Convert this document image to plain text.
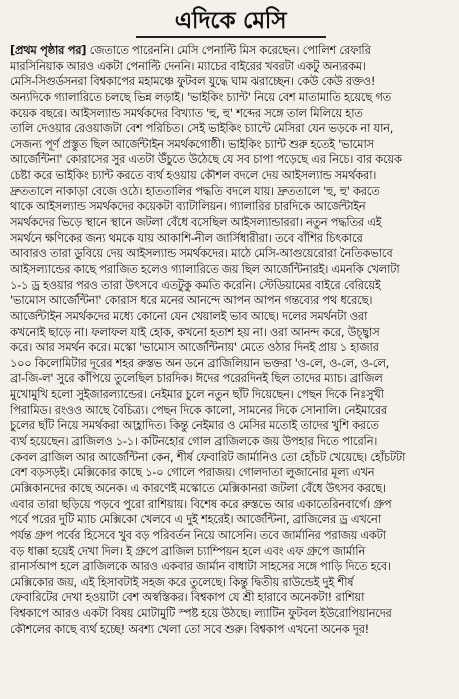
এদিকে মেসি
[প্রথম পৃষ্ঠার পর] জেতাতে পারেননি। মেসি পেনাল্টি মিস করেছেন। পোলিশ রেফারি
মারসিনিয়াক আরও একটা পেনাল্টি দেননি। ম্যাচের বাইরের খবরটা একটু অন্যরকম।
মেসি-সিগুর্ডসনরা বিশ্বকাপের মহামঞ্চে ফুটবল যুদ্ধে ঘাম ঝরাচ্ছেন। কেউ কেউ রক্তও!
অন্যদিকে গ্যালারিতে চলছে ভিন্ন লড়াই। 'ভাইকিং চ্যান্ট' নিয়ে বেশ মাতামাতি হয়েছে গত
কয়েক বছরে। আইসল্যান্ড সমর্থকদের বিখ্যাত 'হু, হু' শব্দের সঙ্গে তাল মিলিয়ে হাত
তালি দেওয়ার রেওয়াজটা বেশ পরিচিত। সেই ভাইকিং চ্যান্টে মেসিরা যেন ভড়কে না যান,
সেজন্য পূর্ণ প্রস্তুত ছিল আর্জেন্টাইন সমর্থকগোষ্ঠী। ভাইকিং চ্যান্ট শুরু হতেই 'ভামোস
আর্জেন্টিনা' কোরাসের সুর এতটা উঁচুতে উঠেছে যে সব চাপা পড়েছে এর নিচে। বার কয়েক
চেষ্টা করে ভাইকিং চ্যান্ট করতে ব্যর্থ হওয়ায় কৌশল বদলে দেয় আইসল্যান্ড সমর্থকরা।
দ্রুততালে নাকাড়া বেজে ওঠে। হাততালির পদ্ধতি বদলে যায়। দ্রুততালে 'হু, হু' করতে
থাকে আইসল্যান্ড সমর্থকদের কয়েকটা ব্যাটালিয়ন। গ্যালারির চারদিকে আর্জেন্টাইন
সমর্থকদের ভিড়ে স্থানে স্থানে জটলা বেঁধে বসেছিল আইসল্যান্ডাররা। নতুন পদ্ধতির এই
সমর্থনে ক্ষণিকের জন্য থমকে যায় আকাশি-নীল জার্সিধারীরা। তবে বাঁশির চিৎকারে
আবারও তারা ডুবিয়ে দেয় আইসল্যান্ড সমর্থকদের। মাঠে মেসি-আগুয়েরোরা নৈতিকভাবে
আইসল্যান্ডের কাছে পরাজিত হলেও গ্যালারিতে জয় ছিল আর্জেন্টিনারই। এমনকি খেলাটা
১-১ ড্র হওয়ার পরও তারা উৎসবে এতটুকু কমতি করেনি। স্টেডিয়ামের বাইরে বেরিয়েই
'ভামোস আর্জেন্টিনা' কোরাস ধরে মনের আনন্দে আপন আপন গন্তব্যের পথ ধরেছে।
আর্জেন্টাইন সমর্থকদের মধ্যে কোনো যেন খেয়ালই ভাব আছে। দলের সমর্থনটা ওরা
কখনোই ছাড়ে না। ফলাফল যাই হোক, কখনো হতাশ হয় না। ওরা আনন্দ করে, উচ্ছ্বাস
করে। আর সমর্থন করে। মস্কো 'ভামোস আর্জেন্টিনায়' মেতে ওঠার দিনই প্রায় ১ হাজার
১০০ কিলোমিটার দূরের শহর রুস্তভ অন ডনে ব্রাজিলিয়ান ভক্তরা 'ও-লে, ও-লে, ও-লে,
ব্রা-জি-ল' সুরে কাঁপিয়ে তুলেছিল চারদিক। ঈদের পরেরদিনই ছিল তাদের ম্যাচ। ব্রাজিল
মুখোমুখি হলো সুইজারল্যান্ডের। নেইমার চুলে নতুন ছাঁট দিয়েছেন। পেছন দিকে নিঃসুখী
পিরামিড। রংওও আছে বৈচিত্র্য। পেছন দিকে কালো, সামনের দিকে সোনালি। নেইমারের
চুলের ছাঁট নিয়ে সমর্থকরা আহ্লাদিত। কিন্তু নেইমার ও মেসির মতোই তাদের খুশি করতে
ব্যর্থ হয়েছেন। ব্রাজিলও ১-১। কটিনহোর গোল ব্রাজিলকে জয় উপহার দিতে পারেনি।
কেবল ব্রাজিল আর আর্জেন্টিনা কেন, শীর্ষ ফেবারিট জার্মানিও তো হোঁচট খেয়েছে। হোঁচটটা
বেশ বড়সড়ই। মেক্সিকোর কাছে ১-০ গোলে পরাজয়। গোলদাতা লুজানোর মূল্য এখন
মেক্সিকানদের কাছে অনেক। এ কারণেই মস্কোতে মেক্সিকানরা জটলা বেঁধে উৎসব করছে।
এবার তারা ছড়িয়ে পড়বে পুরো রাশিয়ায়। বিশেষ করে রুস্তভে আর একাতেরিনবার্গে। গ্রুপ
পর্বে পরের দুটি ম্যাচ মেক্সিকো খেলবে এ দুই শহরেই। আর্জেন্টিনা, ব্রাজিলের ড্র এখনো
পর্যন্ত গ্রুপ পর্বের হিসেবে খুব বড় পরিবর্তন নিয়ে আসেনি। তবে জার্মানির পরাজয় একটা
বড় ধাক্কা হয়েই দেখা দিল। ই গ্রুপে ব্রাজিল চ্যাম্পিয়ন হলে এবং এফ গ্রুপে জার্মানি
রানার্সআপ হলে ব্রাজিলকে আরও একবার জার্মান বাধাটা সাহসের সঙ্গে পাড়ি দিতে হবে।
মেক্সিকোর জয়, এই হিসাবটাই সহজ করে তুলেছে। কিন্তু দ্বিতীয় রাউন্ডেই দুই শীর্ষ
ফেবারিটের দেখা হওয়াটা বেশ অস্বস্তিকর। বিশ্বকাপ যে শ্রী হারাবে অনেকটা! রাশিয়া
বিশ্বকাপে আরও একটা বিষয় মোটামুটি স্পষ্ট হয়ে উঠছে। ল্যাটিন ফুটবল ইউরোপিয়ানদের
কৌশলের কাছে ব্যর্থ হচ্ছে! অবশ্য খেলা তো সবে শুরু। বিশ্বকাপ এখনো অনেক দূর!
